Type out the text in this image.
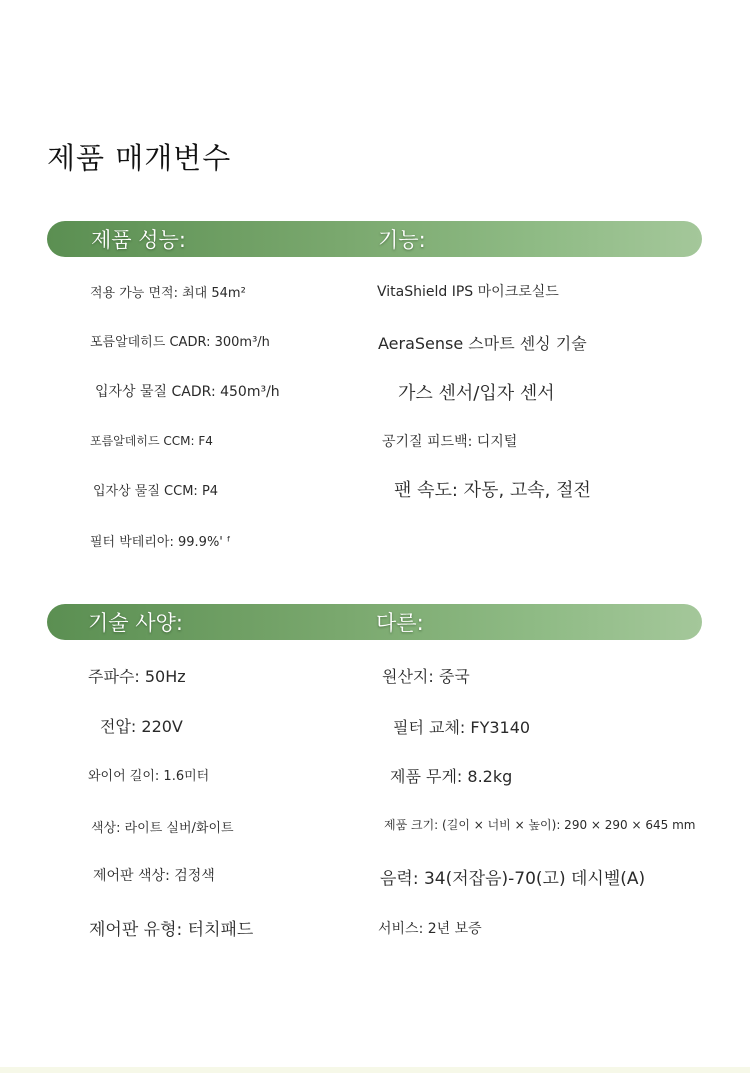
제품 매개변수
제품 성능:	기능:
적용 가능 면적: 최대 54m²
포름알데히드 CADR: 300m³/h
입자상 물질 CADR: 450m³/h
포름알데히드 CCM: F4
입자상 물질 CCM: P4
필터 박테리아: 99.9%' ᶠ
VitaShield IPS 마이크로실드
AeraSense 스마트 센싱 기술
가스 센서/입자 센서
공기질 피드백: 디지털
팬 속도: 자동, 고속, 절전
기술 사양:	다른:
주파수: 50Hz
전압: 220V
와이어 길이: 1.6미터
색상: 라이트 실버/화이트
제어판 색상: 검정색
제어판 유형: 터치패드
원산지: 중국
필터 교체: FY3140
제품 무게: 8.2kg
제품 크기: (길이 × 너비 × 높이): 290 × 290 × 645 mm
음력: 34(저잡음)-70(고) 데시벨(A)
서비스: 2년 보증
